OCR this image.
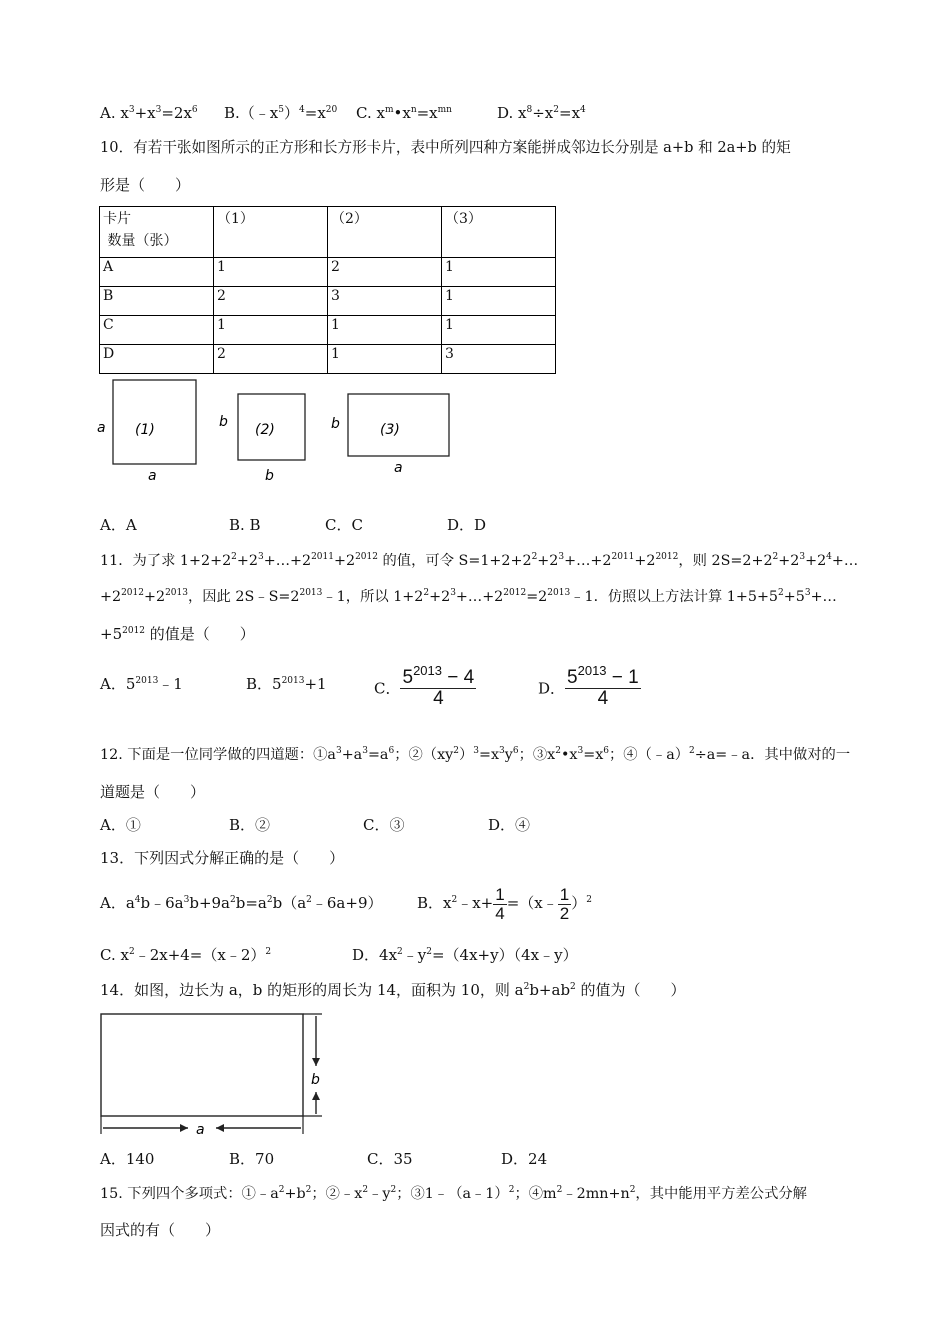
A. $x^3+x^3=2x^6$ $B.(﹣x^5)^4=x^{20}$ C. $x^m•x^n=x^{mn}$	D. $x^8\div x^2=x^4$
10．有若干张如图所示的正方形和长方形卡片，表中所列四种方案能拼成邻边长分别是 a+b 和 2a+b 的矩
形是（　　）
卡片
数量（张）	（1）	（2）	（3）
A	1	2	1
B	2	3	1
C	1	1	1
D	2	1	3
(1)
a
a
(2)
b
b
(3)
b
a
A．A	B. B	C．C	D．D
11．为了求 $1+2+2^2+2^3+\dots+2^{2011}+2^{2012}$ 的值，可令 $S=1+2+2^2+2^3+\dots+2^{2011}+2^{2012}$，则 $2S=2+2^2+2^3+2^4+\dots$
$+2^{2012}+2^{2013}$，因此 $2S﹣S=2^{2013}﹣1$，所以 $1+2^2+2^3+\dots+2^{2012}=2^{2013}﹣1$．仿照以上方法计算 $1+5+5^2+5^3+\dots$
$+5^{2012}$ 的值是（　　）
A．$5^{2013}﹣1$	B．$5^{2013}+1$	C． $\frac{5^{2013} - 4}{4}$	D． $\frac{5^{2013} - 1}{4}$
12. 下面是一位同学做的四道题：$①a^3+a^3=a^6$；$②(xy^2)^3=x^3y^6$；$③x^2•x^3=x^6$；④（﹣a）$^2$÷a=﹣a．其中做对的一
道题是（　　）
A．①	B．②	C．③	D．④
13．下列因式分解正确的是（　　）
A．$a^4b﹣6a^3b+9a^2b=a^2b(a^2﹣6a+9)$ B．$x^2﹣x+ \frac{1}{4}$ =（x﹣ $\frac{1}{2} )^2$
C. $x^2﹣2x+4=(x﹣2)^2$	D．$4x^2﹣y^2=(4x+y)(4x﹣y)$
14．如图，边长为 a，b 的矩形的周长为 14，面积为 10，则 $a^2b+ab^2$ 的值为（　　）
b
a
A．140	B．70	C．35	D．24
15. 下列四个多项式：$①﹣a^2+b^2$；$②﹣x^2﹣y^2$；③1﹣（a﹣1）$^2$；$④m^2﹣2mn+n^2$，其中能用平方差公式分解
因式的有（　　）
